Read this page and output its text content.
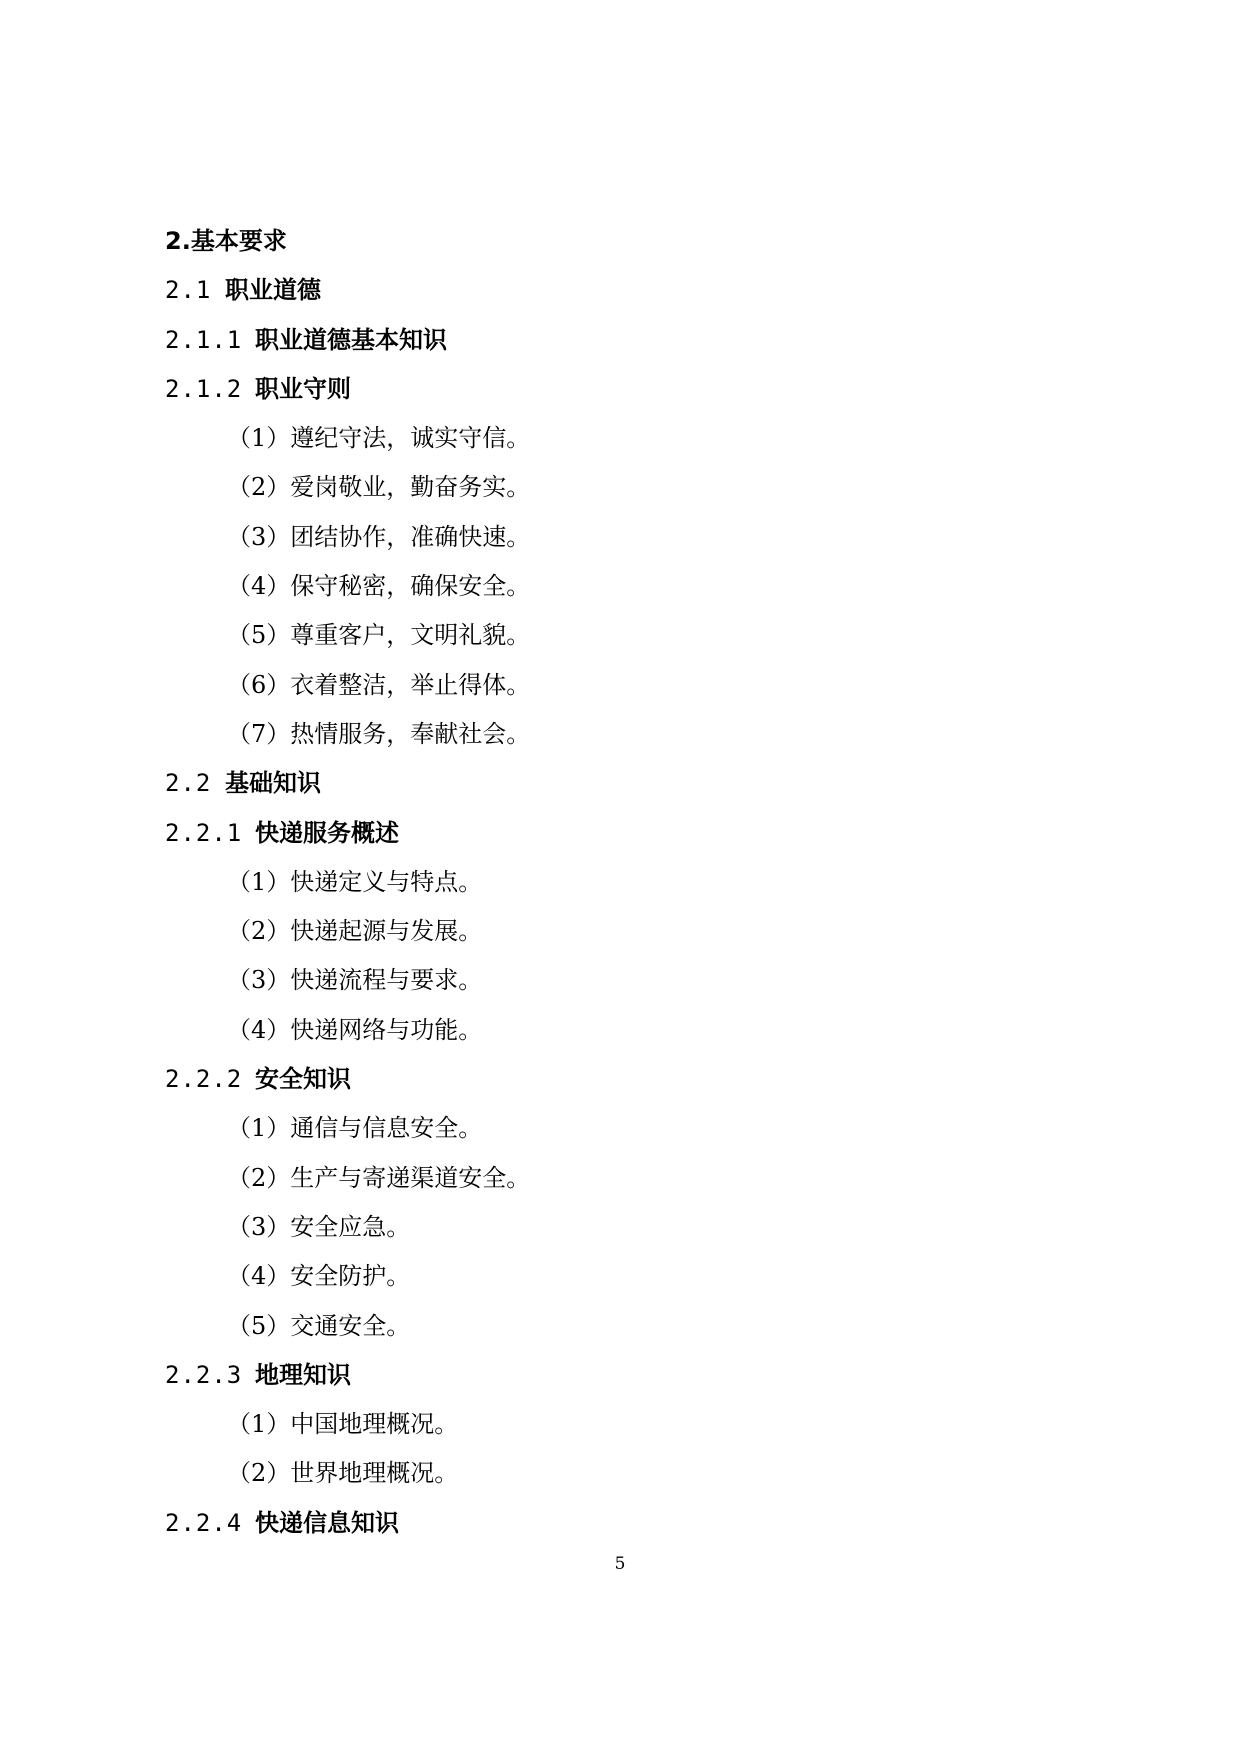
2.基本要求
2.1 职业道德
2.1.1 职业道德基本知识
2.1.2 职业守则
（1）遵纪守法，诚实守信。
（2）爱岗敬业，勤奋务实。
（3）团结协作，准确快速。
（4）保守秘密，确保安全。
（5）尊重客户，文明礼貌。
（6）衣着整洁，举止得体。
（7）热情服务，奉献社会。
2.2 基础知识
2.2.1 快递服务概述
（1）快递定义与特点。
（2）快递起源与发展。
（3）快递流程与要求。
（4）快递网络与功能。
2.2.2 安全知识
（1）通信与信息安全。
（2）生产与寄递渠道安全。
（3）安全应急。
（4）安全防护。
（5）交通安全。
2.2.3 地理知识
（1）中国地理概况。
（2）世界地理概况。
2.2.4 快递信息知识
5
